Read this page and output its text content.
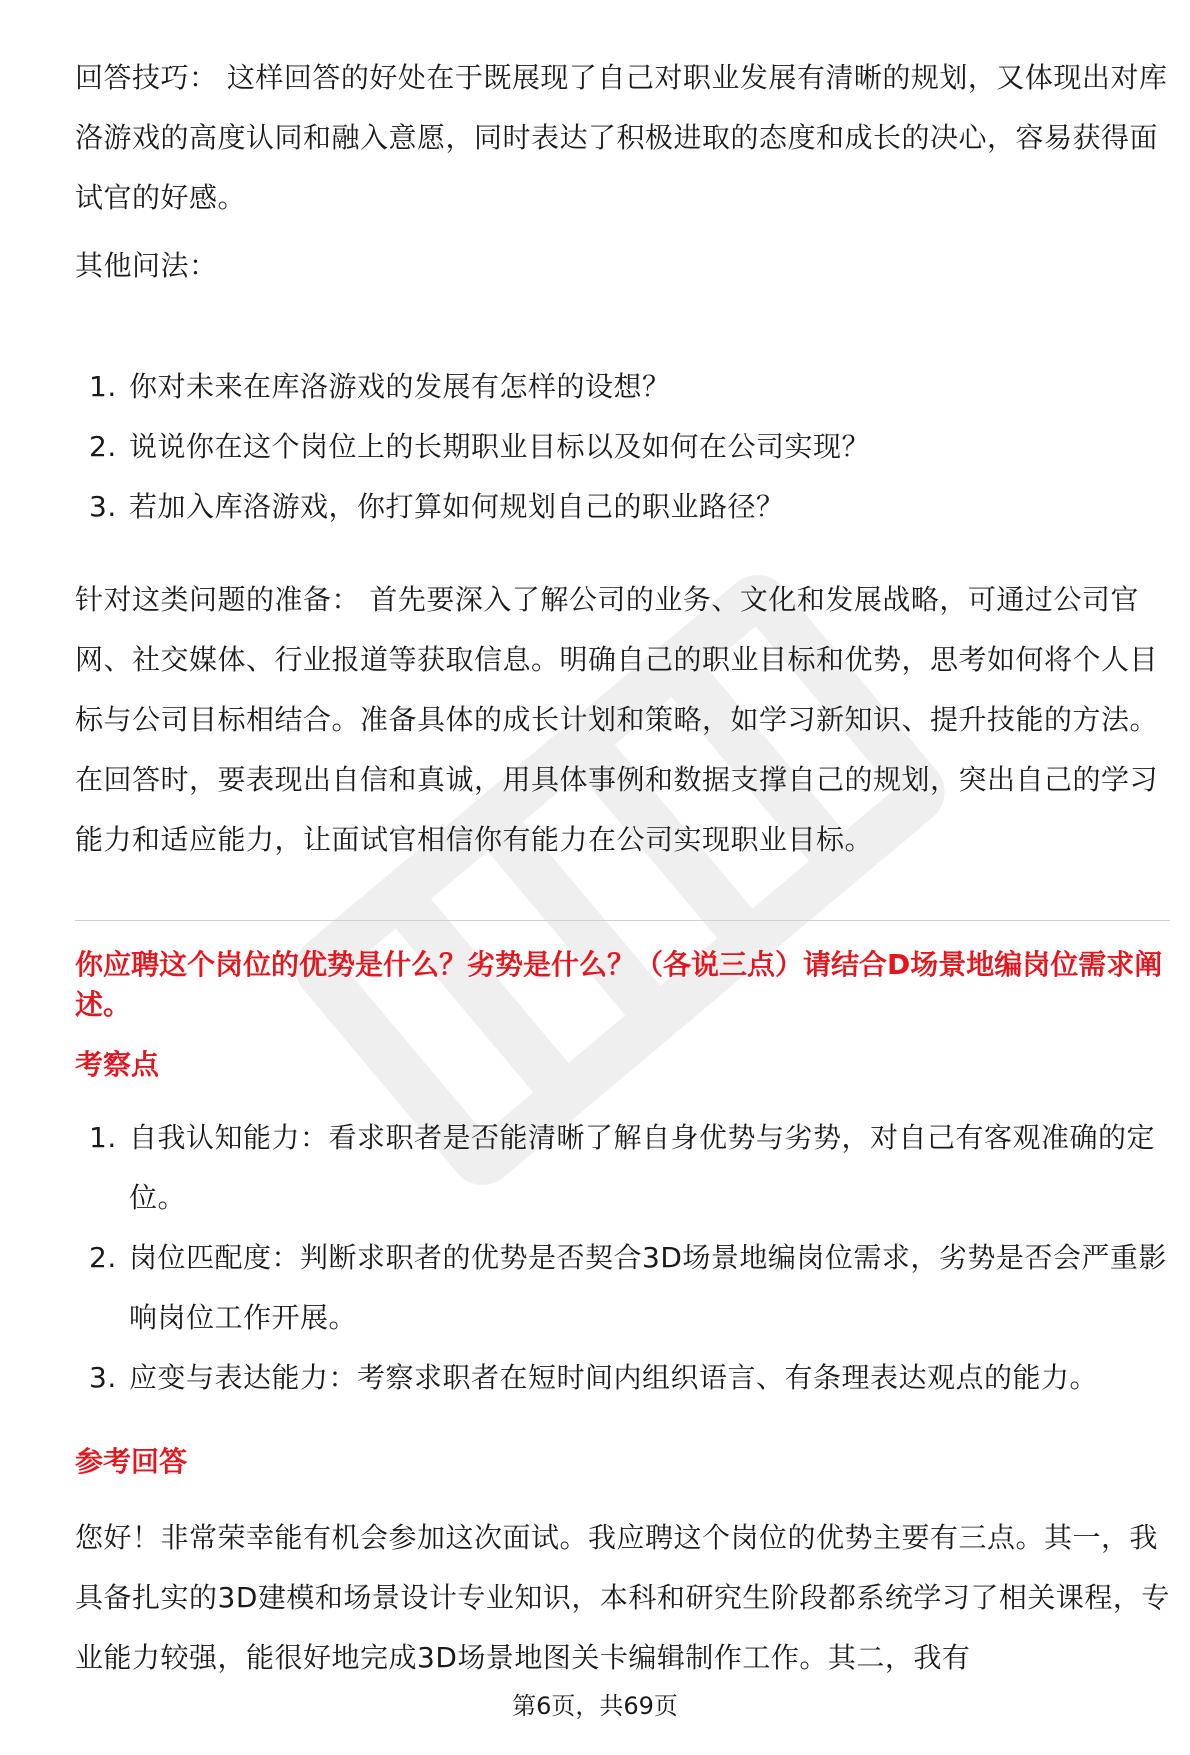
回答技巧： 这样回答的好处在于既展现了自己对职业发展有清晰的规划，又体现出对库洛游戏的高度认同和融入意愿，同时表达了积极进取的态度和成长的决心，容易获得面试官的好感。

其他问法：

1. 你对未来在库洛游戏的发展有怎样的设想？
2. 说说你在这个岗位上的长期职业目标以及如何在公司实现？
3. 若加入库洛游戏，你打算如何规划自己的职业路径？

针对这类问题的准备： 首先要深入了解公司的业务、文化和发展战略，可通过公司官网、社交媒体、行业报道等获取信息。明确自己的职业目标和优势，思考如何将个人目标与公司目标相结合。准备具体的成长计划和策略，如学习新知识、提升技能的方法。在回答时，要表现出自信和真诚，用具体事例和数据支撑自己的规划，突出自己的学习能力和适应能力，让面试官相信你有能力在公司实现职业目标。

你应聘这个岗位的优势是什么？劣势是什么？（各说三点）请结合D场景地编岗位需求阐述。
考察点
1. 自我认知能力：看求职者是否能清晰了解自身优势与劣势，对自己有客观准确的定位。
2. 岗位匹配度：判断求职者的优势是否契合3D场景地编岗位需求，劣势是否会严重影响岗位工作开展。
3. 应变与表达能力：考察求职者在短时间内组织语言、有条理表达观点的能力。
参考回答

您好！非常荣幸能有机会参加这次面试。我应聘这个岗位的优势主要有三点。其一，我具备扎实的3D建模和场景设计专业知识，本科和研究生阶段都系统学习了相关课程，专业能力较强，能很好地完成3D场景地图关卡编辑制作工作。其二，我有

第6页，共69页
